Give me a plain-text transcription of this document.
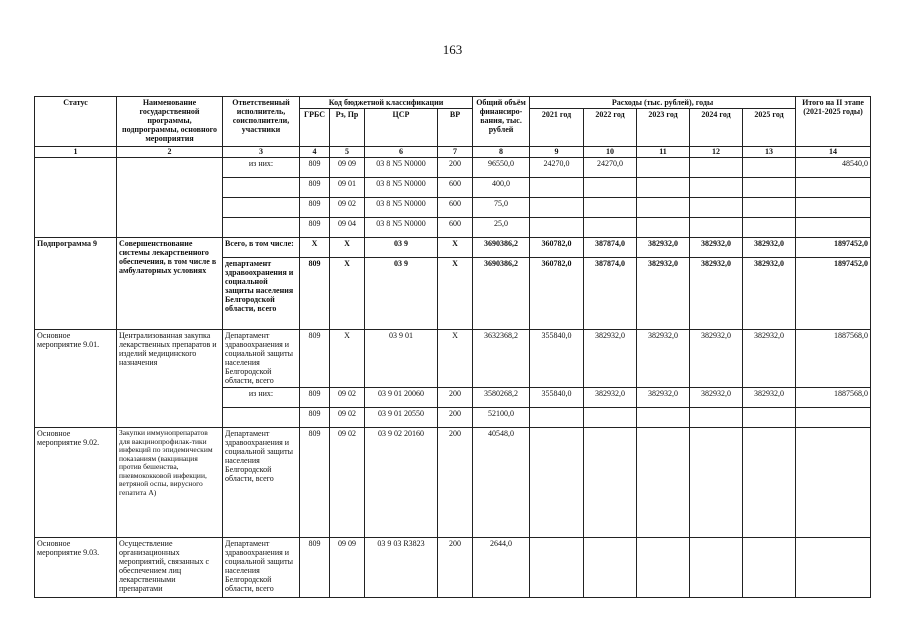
163
Статус	Наименование государственной программы, подпрограммы, основного мероприятия	Ответственный исполнитель, соисполнители, участники	Код бюджетной классификации				Общий объём финансиро-вания, тыс. рублей	Расходы (тыс. рублей), годы					Итого на II этапе (2021-2025 годы)
			ГРБС	Рз, Пр	ЦСР	ВР		2021 год	2022 год	2023 год	2024 год	2025 год	
1	2	3	4	5	6	7	8	9	10	11	12	13	14
		из них:	809	09 09	03 8 N5 N0000	200	96550,0	24270,0	24270,0				48540,0
			809	09 01	03 8 N5 N0000	600	400,0						
			809	09 02	03 8 N5 N0000	600	75,0						
			809	09 04	03 8 N5 N0000	600	25,0						
Подпрограмма 9	Совершенствование системы лекарственного обеспечения, в том числе в амбулаторных условиях	Всего, в том числе:	X	X	03 9	X	3690386,2	360782,0	387874,0	382932,0	382932,0	382932,0	1897452,0
		департамент здравоохранения и социальной защиты населения Белгородской области, всего	809	X	03 9	X	3690386,2	360782,0	387874,0	382932,0	382932,0	382932,0	1897452,0
Основное мероприятие 9.01.	Централизованная закупка лекарственных препаратов и изделий медицинского назначения	Департамент здравоохранения и социальной защиты населения Белгородской области, всего	809	X	03 9 01	X	3632368,2	355840,0	382932,0	382932,0	382932,0	382932,0	1887568,0
		из них:	809	09 02	03 9 01 20060	200	3580268,2	355840,0	382932,0	382932,0	382932,0	382932,0	1887568,0
			809	09 02	03 9 01 20550	200	52100,0						
Основное мероприятие 9.02.	Закупки иммунопрепаратов для вакцинопрофилак-тики инфекций по эпидемическим показаниям (вакцинация против бешенства, пневмококковой инфекции, ветряной оспы, вирусного гепатита А)	Департамент здравоохранения и социальной защиты населения Белгородской области, всего	809	09 02	03 9 02 20160	200	40548,0						
Основное мероприятие 9.03.	Осуществление организационных мероприятий, связанных с обеспечением лиц лекарственными препаратами	Департамент здравоохранения и социальной защиты населения Белгородской области, всего	809	09 09	03 9 03 R3823	200	2644,0						
